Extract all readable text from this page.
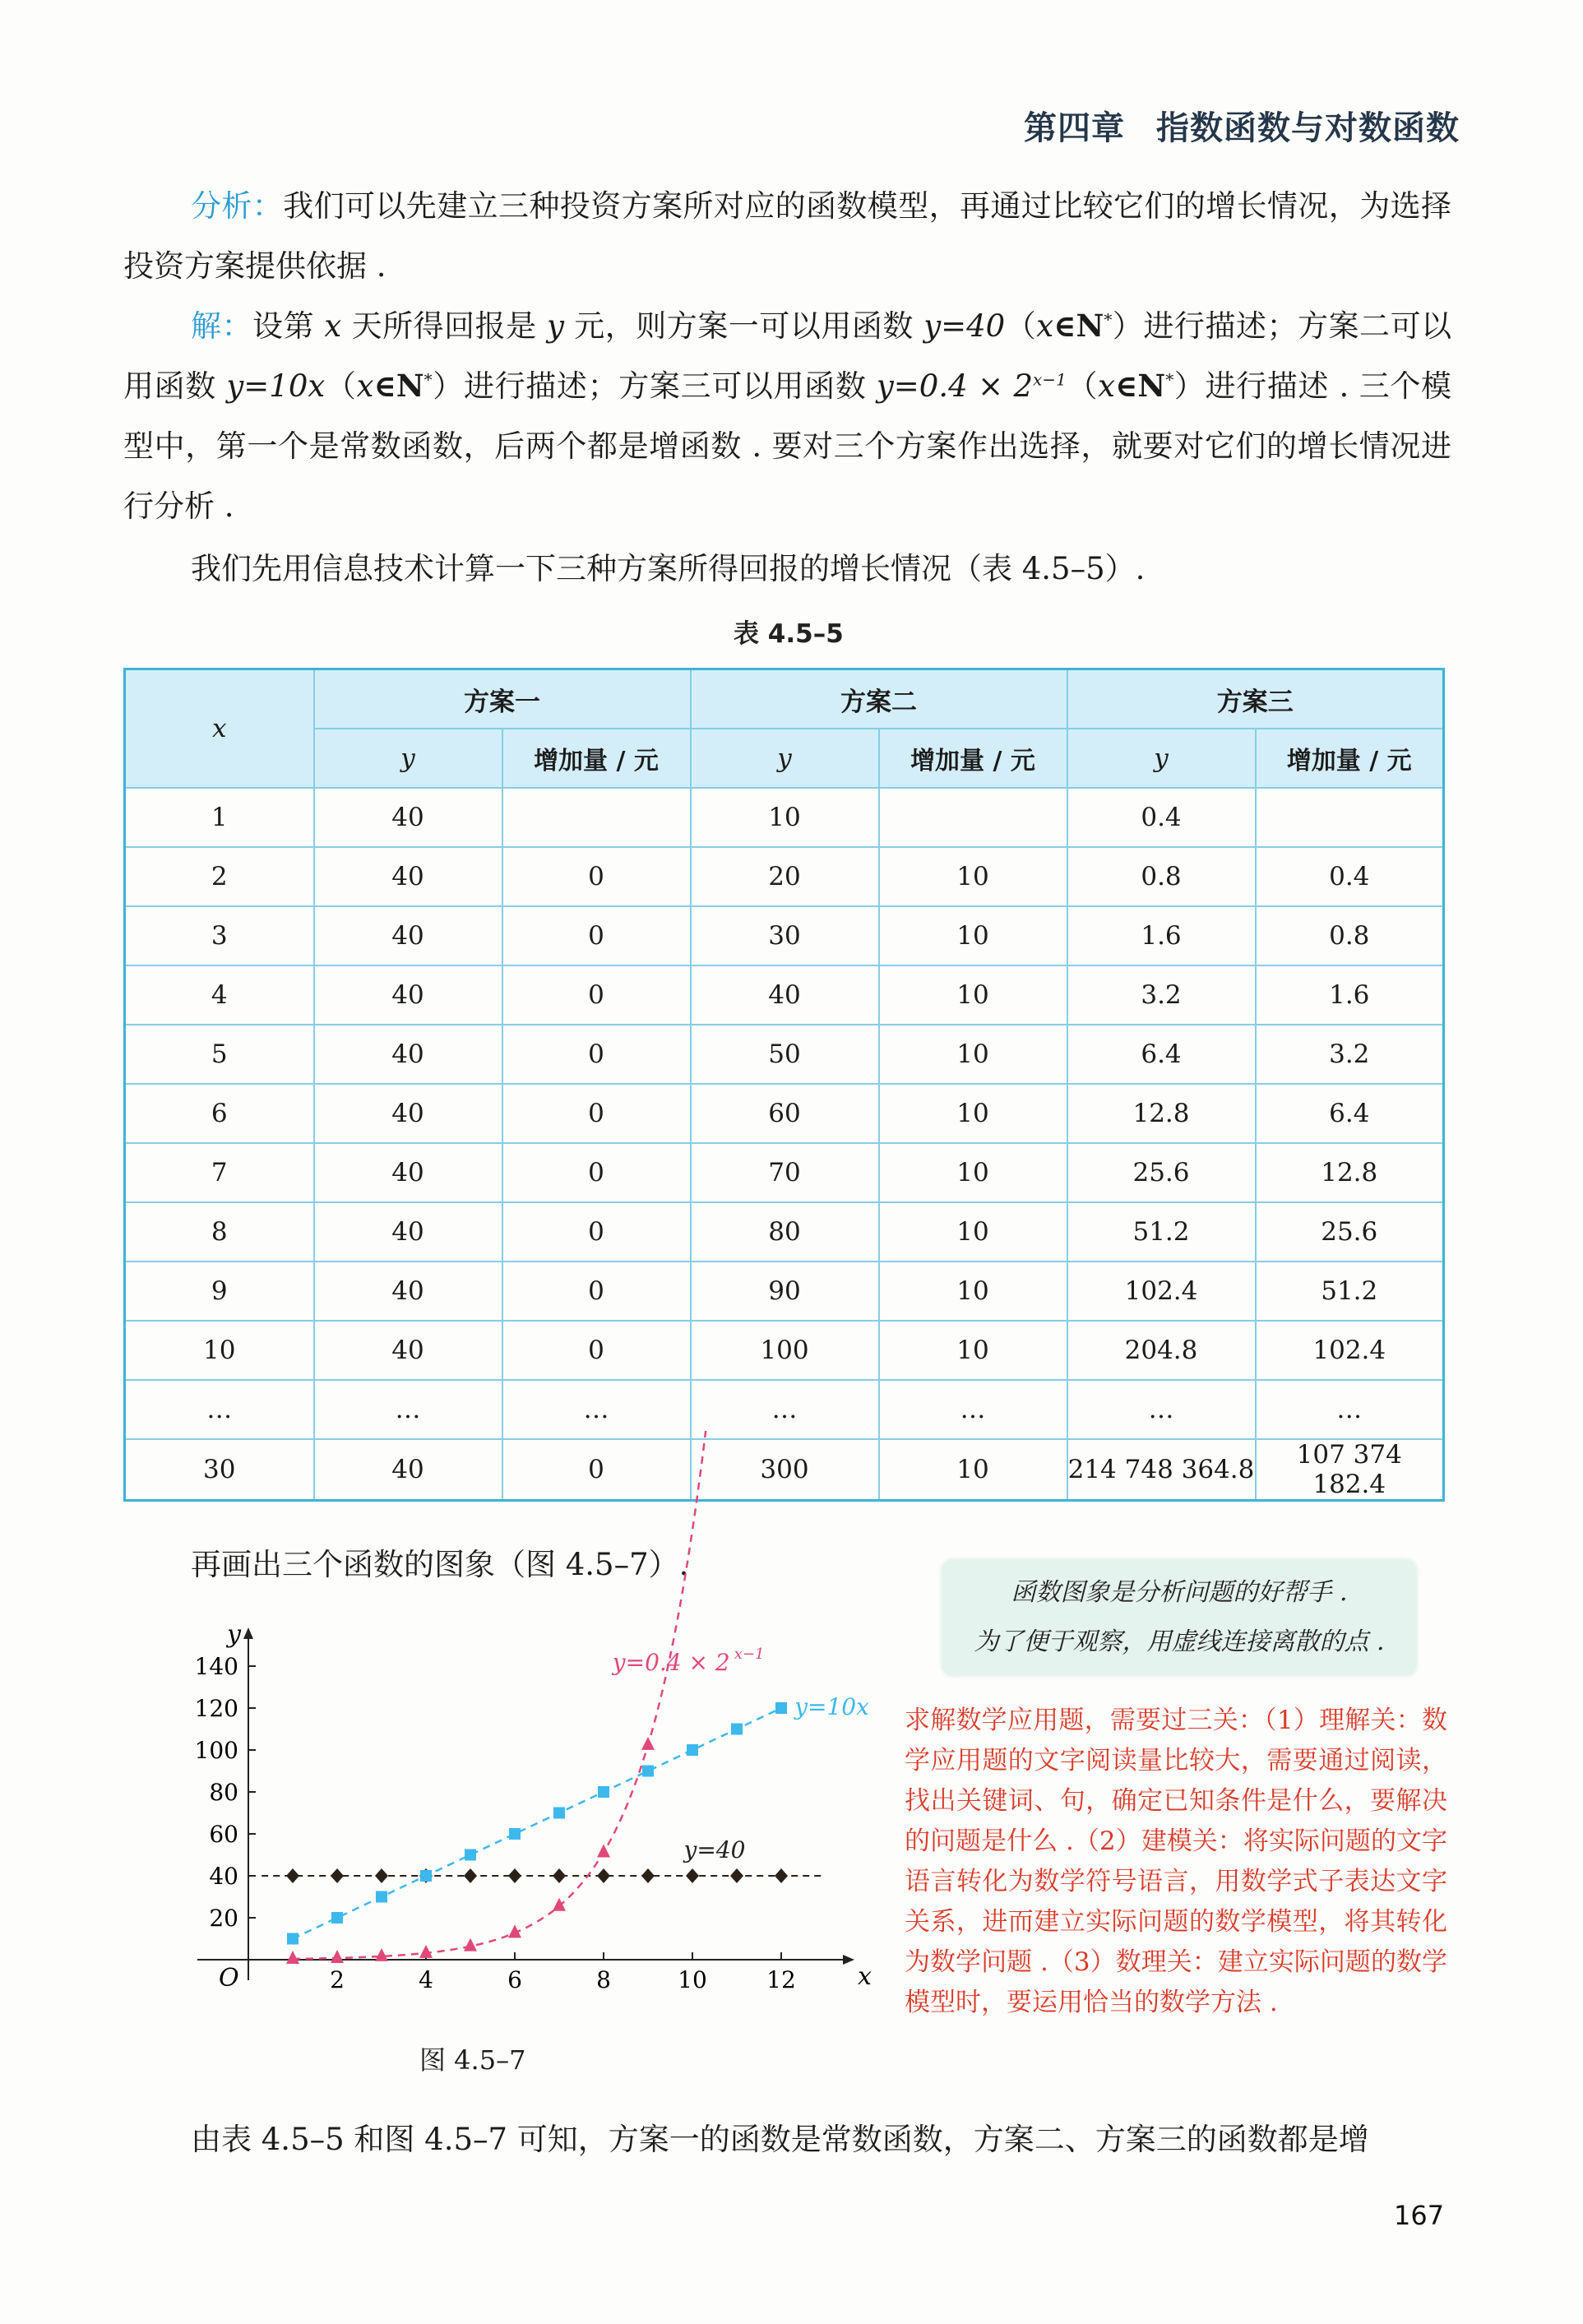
第四章 指数函数与对数函数
分析：我们可以先建立三种投资方案所对应的函数模型，再通过比较它们的增长情况，为选择投资方案提供依据 .
解：设第 x 天所得回报是 y 元，则方案一可以用函数 y=40（x∈N*）进行描述；方案二可以用函数 y=10x（x∈N*）进行描述；方案三可以用函数 $y=0.4 \times 2^{x-1}(x\in N^*)$进行描述 . 三个模型中，第一个是常数函数，后两个都是增函数 . 要对三个方案作出选择，就要对它们的增长情况进行分析 .
我们先用信息技术计算一下三种方案所得回报的增长情况（表 4.5–5）.
表 4.5–5
x	方案一		方案二		方案三	
	y	增加量 / 元	y	增加量 / 元	y	增加量 / 元
1	40		10		0.4	
2	40	0	20	10	0.8	0.4
3	40	0	30	10	1.6	0.8
4	40	0	40	10	3.2	1.6
5	40	0	50	10	6.4	3.2
6	40	0	60	10	12.8	6.4
7	40	0	70	10	25.6	12.8
8	40	0	80	10	51.2	25.6
9	40	0	90	10	102.4	51.2
10	40	0	100	10	204.8	102.4
…	…	…	…	…	…	…
30	40	0	300	10	214 748 364.8	107 374 182.4
再画出三个函数的图象（图 4.5–7）.
函数图象是分析问题的好帮手 .
为了便于观察，用虚线连接离散的点 .
x
y
O	2	4	6	8	10	12
20
40
60
80
100
120
140
y=40
y=10x
y=0.4 × 2 x−1
图 4.5–7
求解数学应用题，需要过三关：（1）理解关：数学应用题的文字阅读量比较大，需要通过阅读，找出关键词、句，确定已知条件是什么，要解决的问题是什么 .（2）建模关：将实际问题的文字语言转化为数学符号语言，用数学式子表达文字关系，进而建立实际问题的数学模型，将其转化为数学问题 .（3）数理关：建立实际问题的数学模型时，要运用恰当的数学方法 .
由表 4.5–5 和图 4.5–7 可知，方案一的函数是常数函数，方案二、方案三的函数都是增
167
